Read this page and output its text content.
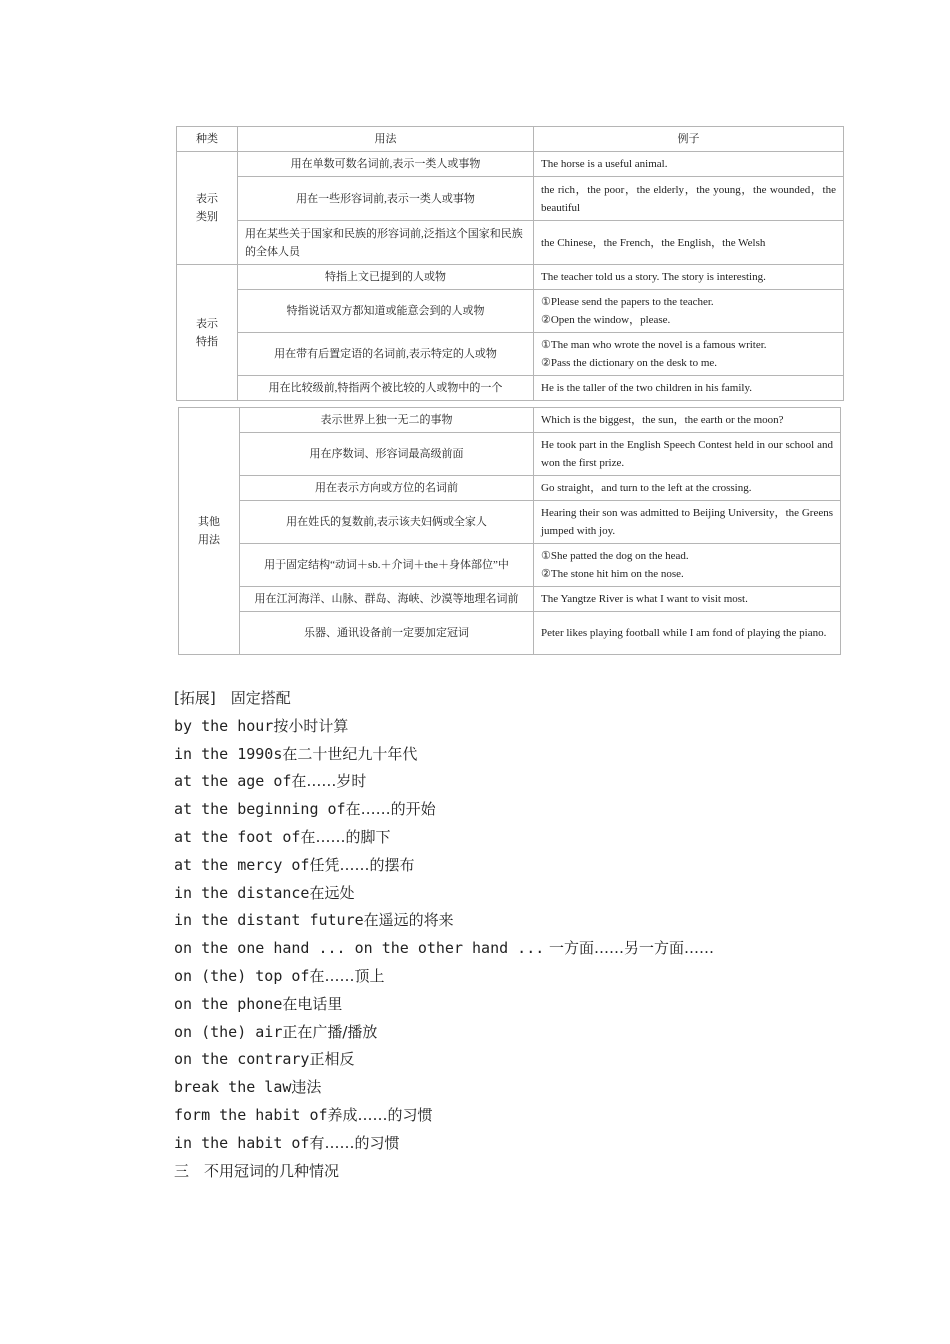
种类	用法	例子
表示
类别	用在单数可数名词前,表示一类人或事物	The horse is a useful animal.
	用在一些形容词前,表示一类人或事物	the rich，the poor，the elderly，the young，the wounded，the beautiful
	用在某些关于国家和民族的形容词前,泛指这个国家和民族的全体人员	the Chinese，the French，the English，the Welsh
表示
特指	特指上文已提到的人或物	The teacher told us a story. The story is interesting.
	特指说话双方都知道或能意会到的人或物	①Please send the papers to the teacher.
②Open the window，please.
	用在带有后置定语的名词前,表示特定的人或物	①The man who wrote the novel is a famous writer.
②Pass the dictionary on the desk to me.
	用在比较级前,特指两个被比较的人或物中的一个	He is the taller of the two children in his family.
其他
用法	表示世界上独一无二的事物	Which is the biggest，the sun，the earth or the moon?
	用在序数词、形容词最高级前面	He took part in the English Speech Contest held in our school and won the first prize.
	用在表示方向或方位的名词前	Go straight，and turn to the left at the crossing.
	用在姓氏的复数前,表示该夫妇俩或全家人	Hearing their son was admitted to Beijing University，the Greens jumped with joy.
	用于固定结构“动词＋sb.＋介词＋the＋身体部位”中	①She patted the dog on the head.
②The stone hit him on the nose.
	用在江河海洋、山脉、群岛、海峡、沙漠等地理名词前	The Yangtze River is what I want to visit most.
	乐器、通讯设备前一定要加定冠词	Peter likes playing football while I am fond of playing the piano.
[拓展]　固定搭配
by the hour按小时计算
in the 1990s在二十世纪九十年代
at the age of在……岁时
at the beginning of在……的开始
at the foot of在……的脚下
at the mercy of任凭……的摆布
in the distance在远处
in the distant future在遥远的将来
on the one hand ... on the other hand ... 一方面……另一方面……
on (the) top of在……顶上
on the phone在电话里
on (the) air正在广播/播放
on the contrary正相反
break the law违法
form the habit of养成……的习惯
in the habit of有……的习惯
三　不用冠词的几种情况
